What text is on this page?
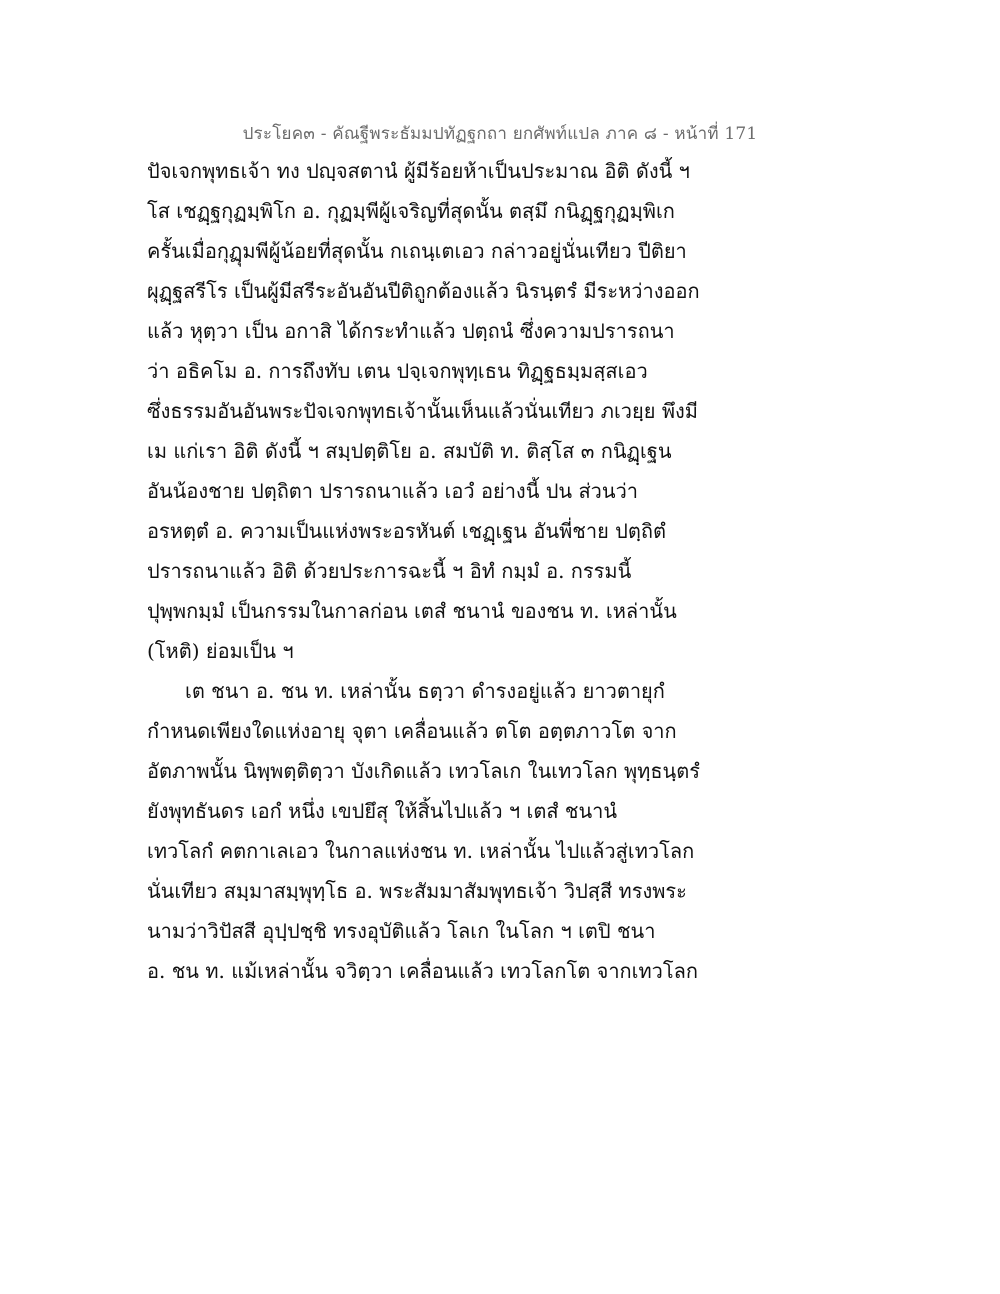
ประโยค๓ - คัณฐีพระธัมมปทัฏฐกถา ยกศัพท์แปล ภาค ๘ - หน้าที่ 171
ปัจเจกพุทธเจ้า ทง ปญฺจสตานํ ผู้มีร้อยห้าเป็นประมาณ อิติ ดังนี้ ฯ
โส เชฏฺฐกุฏมฺพิโก อ. กุฏมฺพีผู้เจริญที่สุดนั้น ตสฺมึ กนิฏฺฐกุฏมฺพิเก
ครั้นเมื่อกุฏุมพีผู้น้อยที่สุดนั้น กเถนฺเตเอว กล่าวอยู่นั่นเทียว ปีติยา
ผุฏฺฐสรีโร เป็นผู้มีสรีระอันอันปีติถูกต้องแล้ว นิรนฺตรํ มีระหว่างออก
แล้ว หุตฺวา เป็น อกาสิ ได้กระทำแล้ว ปตฺถนํ ซึ่งความปรารถนา
ว่า อธิคโม อ. การถึงทับ เตน ปจฺเจกพุทฺเธน ทิฏฺฐธมฺมสฺสเอว
ซึ่งธรรมอันอันพระปัจเจกพุทธเจ้านั้นเห็นแล้วนั่นเทียว ภเวยฺย พึงมี
เม แก่เรา อิติ ดังนี้ ฯ สมฺปตฺติโย อ. สมบัติ ท. ติสฺโส ๓ กนิฏฺเฐน
อันน้องชาย ปตฺถิตา ปรารถนาแล้ว เอวํ อย่างนี้ ปน ส่วนว่า
อรหตฺตํ อ. ความเป็นแห่งพระอรหันต์ เชฏฺเฐน อันพี่ชาย ปตฺถิตํ
ปรารถนาแล้ว อิติ ด้วยประการฉะนี้ ฯ อิทํ กมฺมํ อ. กรรมนี้
ปุพฺพกมฺมํ เป็นกรรมในกาลก่อน เตสํ ชนานํ ของชน ท. เหล่านั้น
(โหติ) ย่อมเป็น ฯ
เต ชนา อ. ชน ท. เหล่านั้น ธตฺวา ดำรงอยู่แล้ว ยาวตายุกํ
กำหนดเพียงใดแห่งอายุ จุตา เคลื่อนแล้ว ตโต อตฺตภาวโต จาก
อัตภาพนั้น นิพฺพตฺติตฺวา บังเกิดแล้ว เทวโลเก ในเทวโลก พุทฺธนฺตรํ
ยังพุทธันดร เอกํ หนึ่ง เขปยึสุ ให้สิ้นไปแล้ว ฯ เตสํ ชนานํ
เทวโลกํ คตกาเลเอว ในกาลแห่งชน ท. เหล่านั้น ไปแล้วสู่เทวโลก
นั่นเทียว สมฺมาสมฺพุทฺโธ อ. พระสัมมาสัมพุทธเจ้า วิปสฺสี ทรงพระ
นามว่าวิปัสสี อุปฺปชฺชิ ทรงอุบัติแล้ว โลเก ในโลก ฯ เตปิ ชนา
อ. ชน ท. แม้เหล่านั้น จวิตฺวา เคลื่อนแล้ว เทวโลกโต จากเทวโลก
